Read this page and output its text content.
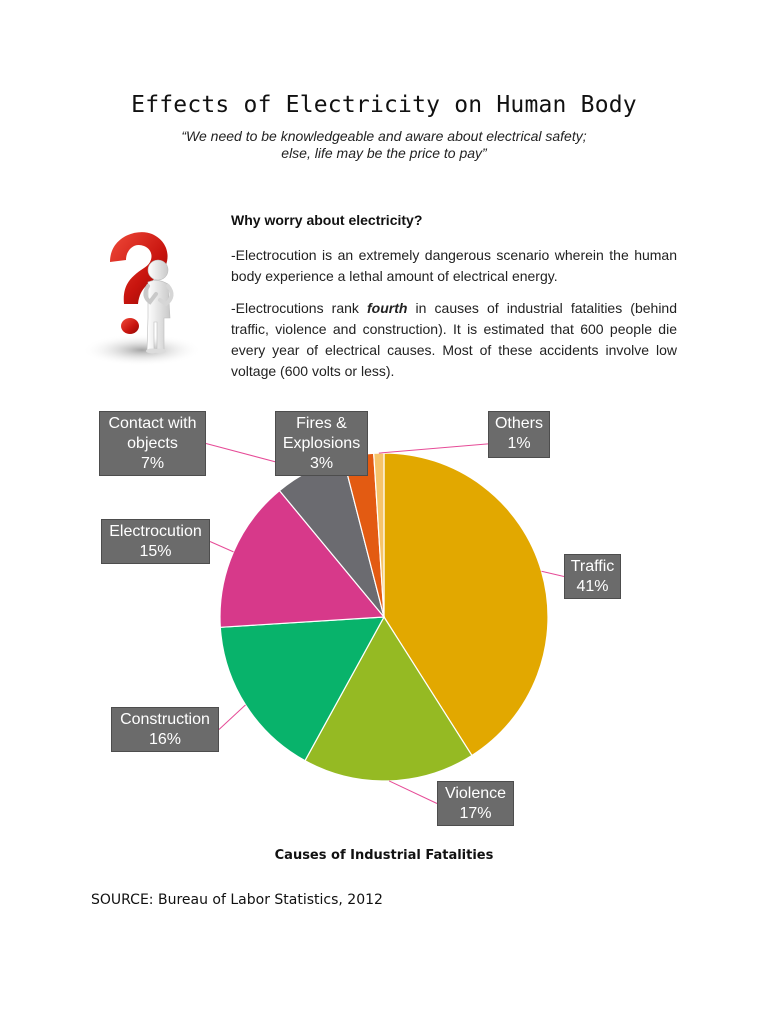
Effects of Electricity on Human Body
“We need to be knowledgeable and aware about electrical safety;
else, life may be the price to pay”
Why worry about electricity?

-Electrocution is an extremely dangerous scenario wherein the human body experience a lethal amount of electrical energy.

-Electrocutions rank fourth in causes of industrial fatalities (behind traffic, violence and construction). It is estimated that 600 people die every year of electrical causes. Most of these accidents involve low voltage (600 volts or less).

Traffic
41%
Violence
17%
Construction
16%
Electrocution
15%
Contact with objects
7%
Fires & Explosions
3%
Others
1%
Causes of Industrial Fatalities
SOURCE: Bureau of Labor Statistics, 2012
